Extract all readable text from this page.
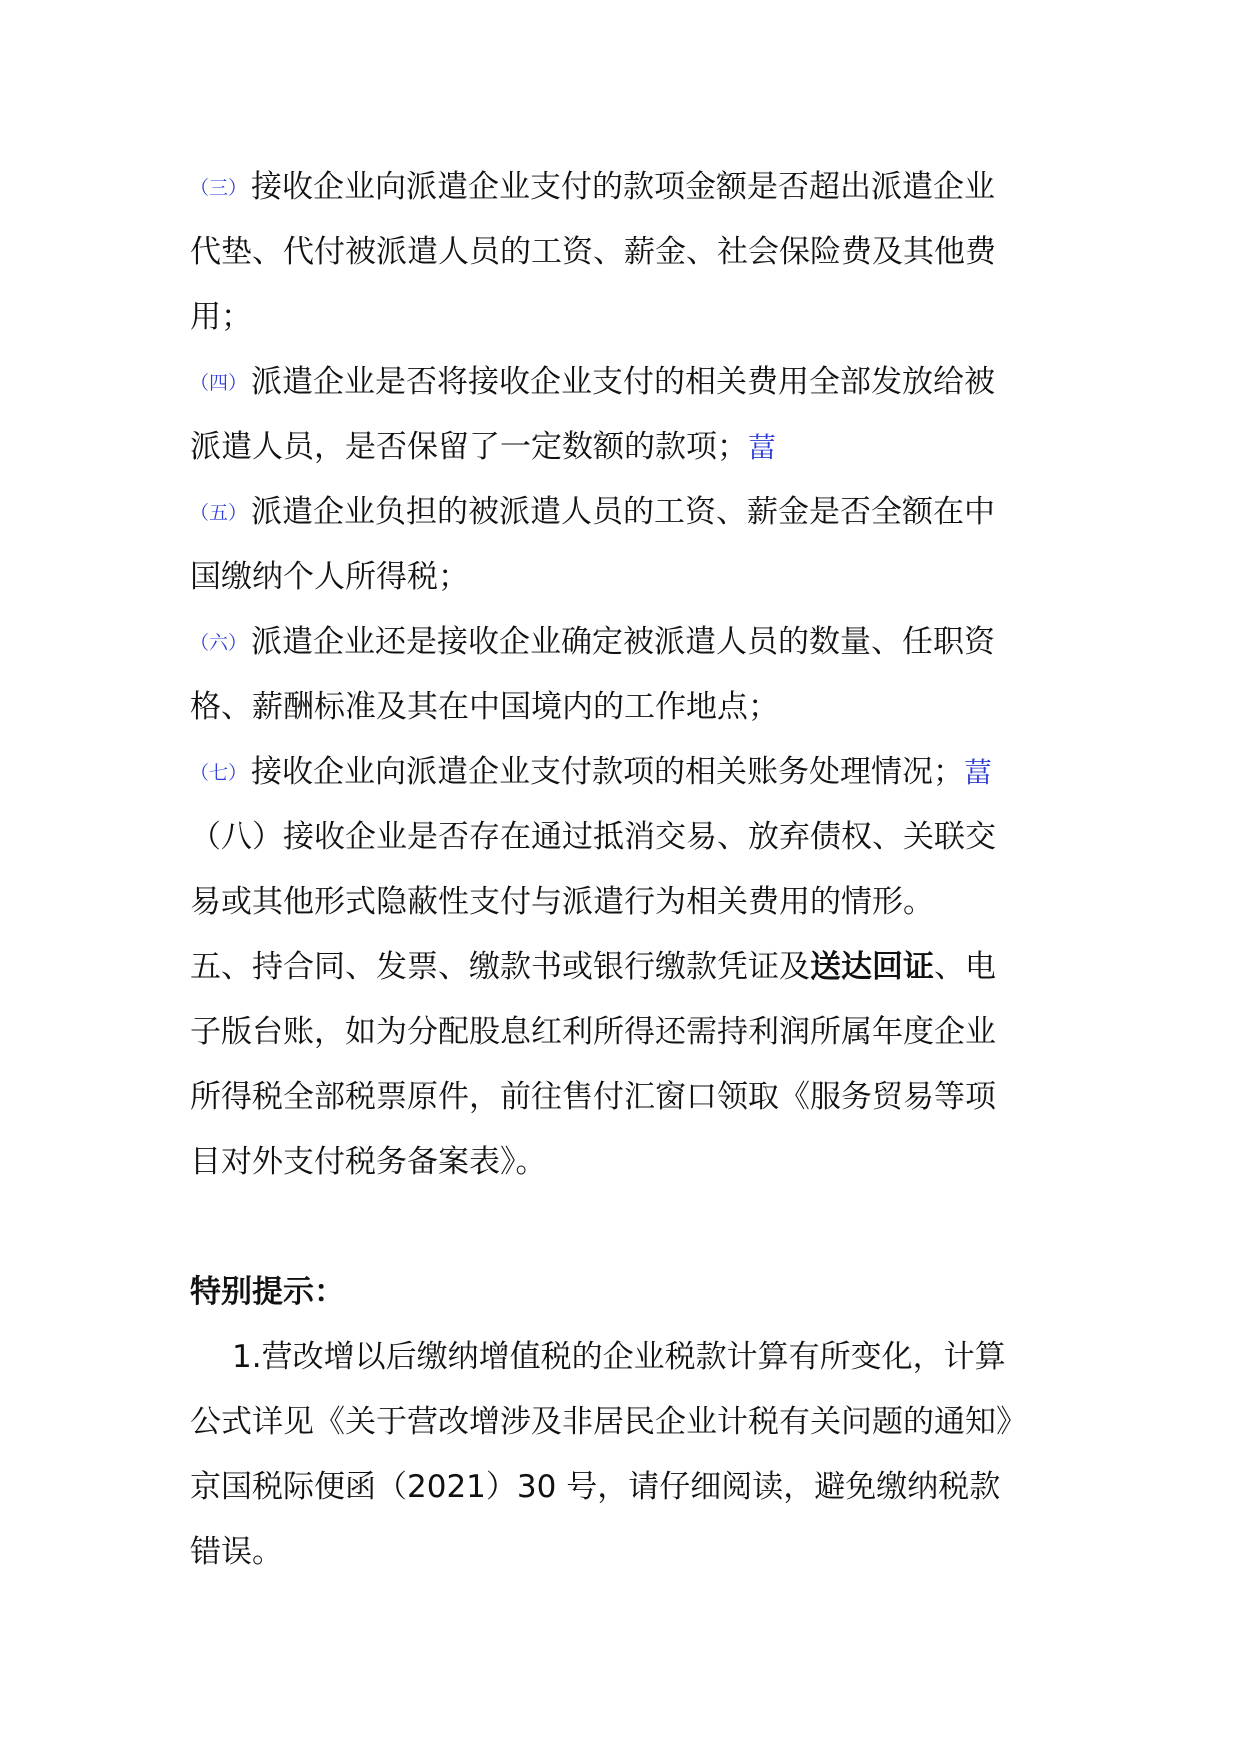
（三） 接收企业向派遣企业支付的款项金额是否超出派遣企业

代垫、代付被派遣人员的工资、薪金、社会保险费及其他费

用；

（四） 派遣企业是否将接收企业支付的相关费用全部发放给被

派遣人员，是否保留了一定数额的款项；葍

（五） 派遣企业负担的被派遣人员的工资、薪金是否全额在中

国缴纳个人所得税；

（六） 派遣企业还是接收企业确定被派遣人员的数量、任职资

格、薪酬标准及其在中国境内的工作地点；

（七） 接收企业向派遣企业支付款项的相关账务处理情况；葍

（八）接收企业是否存在通过抵消交易、放弃债权、关联交

易或其他形式隐蔽性支付与派遣行为相关费用的情形。

五、持合同、发票、缴款书或银行缴款凭证及送达回证、电

子版台账，如为分配股息红利所得还需持利润所属年度企业

所得税全部税票原件，前往售付汇窗口领取《服务贸易等项

目对外支付税务备案表》。

特别提示：

1.营改增以后缴纳增值税的企业税款计算有所变化，计算

公式详见《关于营改增涉及非居民企业计税有关问题的通知》

京国税际便函（2021）30 号，请仔细阅读，避免缴纳税款

错误。
